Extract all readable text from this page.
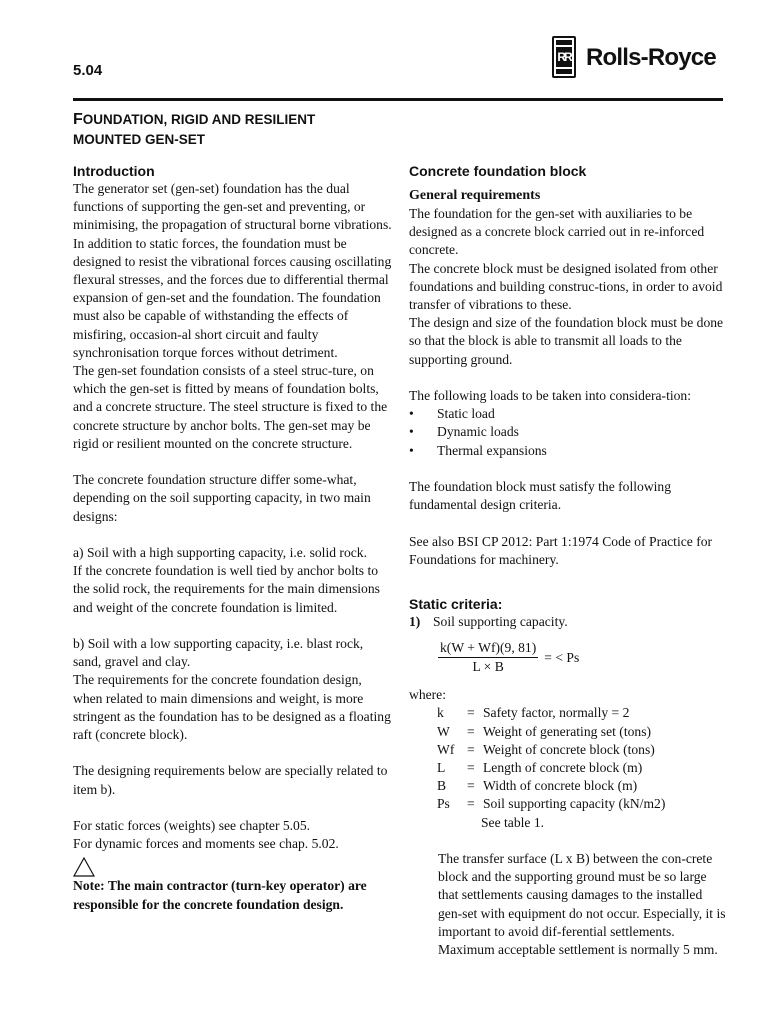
5.04
RR Rolls-Royce
FOUNDATION, RIGID AND RESILIENT
MOUNTED GEN-SET
Introduction

The generator set (gen-set) foundation has the dual functions of supporting the gen-set and preventing, or minimising, the propagation of structural borne vibrations.

In addition to static forces, the foundation must be designed to resist the vibrational forces causing oscillating flexural stresses, and the forces due to differential thermal expansion of gen-set and the foundation. The foundation must also be capable of withstanding the effects of misfiring, occasion-al short circuit and faulty synchronisation torque forces without detriment.

The gen-set foundation consists of a steel struc-ture, on which the gen-set is fitted by means of foundation bolts, and a concrete structure. The steel structure is fixed to the concrete structure by anchor bolts. The gen-set may be rigid or resilient mounted on the concrete structure.

The concrete foundation structure differ some-what, depending on the soil supporting capacity, in two main designs:

a) Soil with a high supporting capacity, i.e. solid rock.

If the concrete foundation is well tied by anchor bolts to the solid rock, the requirements for the main dimensions and weight of the concrete foundation is limited.

b) Soil with a low supporting capacity, i.e. blast rock, sand, gravel and clay.

The requirements for the concrete foundation design, when related to main dimensions and weight, is more stringent as the foundation has to be designed as a floating raft (concrete block).

The designing requirements below are specially related to item b).

For static forces (weights) see chapter 5.05.

For dynamic forces and moments see chap. 5.02.

Note: The main contractor (turn-key operator) are responsible for the concrete foundation design.

Concrete foundation block
General requirements

The foundation for the gen-set with auxiliaries to be designed as a concrete block carried out in re-inforced concrete.

The concrete block must be designed isolated from other foundations and building construc-tions, in order to avoid transfer of vibrations to these.

The design and size of the foundation block must be done so that the block is able to transmit all loads to the supporting ground.

The following loads to be taken into considera-tion:

• Static load
• Dynamic loads
• Thermal expansions

The foundation block must satisfy the following fundamental design criteria.

See also BSI CP 2012: Part 1:1974 Code of Practice for Foundations for machinery.

Static criteria:
1) Soil supporting capacity.
$\frac{k(W + Wf)(9, 81)}{L \times B}$ = < Ps

where:

k	=	Safety factor, normally = 2
W	=	Weight of generating set (tons)
Wf	=	Weight of concrete block (tons)
L	=	Length of concrete block (m)
B	=	Width of concrete block (m)
Ps	=	Soil supporting capacity (kN/m2)

See table 1.

The transfer surface (L x B) between the con-crete block and the supporting ground must be so large that settlements causing damages to the installed gen-set with equipment do not occur. Especially, it is important to avoid dif-ferential settlements. Maximum acceptable settlement is normally 5 mm.
